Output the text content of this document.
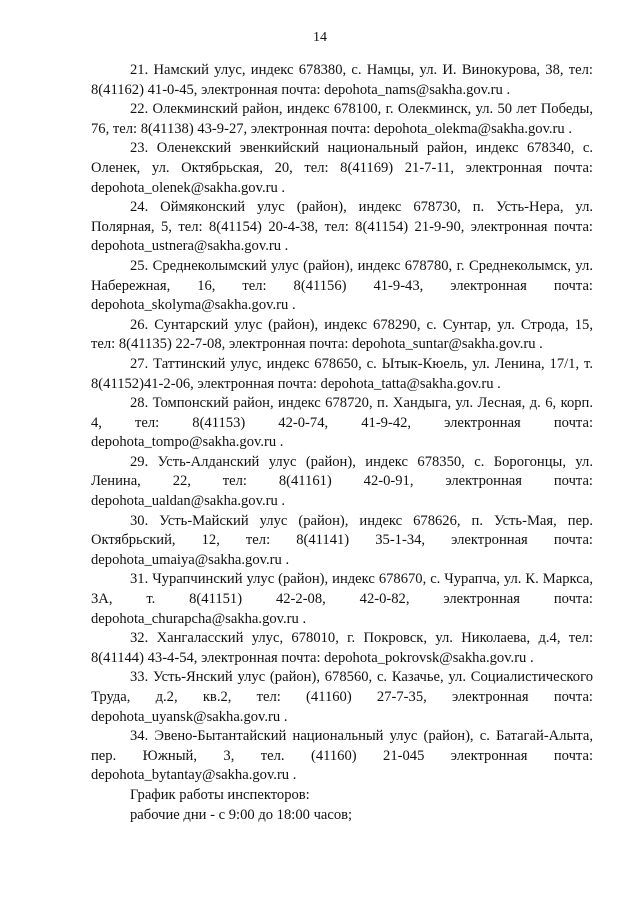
14

21. Намский улус, индекс 678380, с. Намцы, ул. И. Винокурова, 38, тел: 8(41162) 41-0-45, электронная почта: depohota_nams@sakha.gov.ru .

22. Олекминский район, индекс 678100, г. Олекминск, ул. 50 лет Победы, 76, тел: 8(41138) 43-9-27, электронная почта: depohota_olekma@sakha.gov.ru .

23. Оленекский эвенкийский национальный район, индекс 678340, с. Оленек, ул. Октябрьская, 20, тел: 8(41169) 21-7-11, электронная почта: depohota_olenek@sakha.gov.ru .

24. Оймяконский улус (район), индекс 678730, п. Усть-Нера, ул. Полярная, 5, тел: 8(41154) 20-4-38, тел: 8(41154) 21-9-90, электронная почта: depohota_ustnera@sakha.gov.ru .

25. Среднеколымский улус (район), индекс 678780, г. Среднеколымск, ул. Набережная, 16, тел: 8(41156) 41-9-43, электронная почта: depohota_skolyma@sakha.gov.ru .

26. Сунтарский улус (район), индекс 678290, с. Сунтар, ул. Строда, 15, тел: 8(41135) 22-7-08, электронная почта: depohota_suntar@sakha.gov.ru .

27. Таттинский улус, индекс 678650, с. Ытык-Кюель, ул. Ленина, 17/1, т. 8(41152)41-2-06, электронная почта: depohota_tatta@sakha.gov.ru .

28. Томпонский район, индекс 678720, п. Хандыга, ул. Лесная, д. 6, корп. 4, тел: 8(41153) 42-0-74, 41-9-42, электронная почта: depohota_tompo@sakha.gov.ru .

29. Усть-Алданский улус (район), индекс 678350, с. Борогонцы, ул. Ленина, 22, тел: 8(41161) 42-0-91, электронная почта: depohota_ualdan@sakha.gov.ru .

30. Усть-Майский улус (район), индекс 678626, п. Усть-Мая, пер. Октябрьский, 12, тел: 8(41141) 35-1-34, электронная почта: depohota_umaiya@sakha.gov.ru .

31. Чурапчинский улус (район), индекс 678670, с. Чурапча, ул. К. Маркса, 3А, т. 8(41151) 42-2-08, 42-0-82, электронная почта: depohota_churapcha@sakha.gov.ru .

32. Хангаласский улус, 678010, г. Покровск, ул. Николаева, д.4, тел: 8(41144) 43-4-54, электронная почта: depohota_pokrovsk@sakha.gov.ru .

33. Усть-Янский улус (район), 678560, с. Казачье, ул. Социалистического Труда, д.2, кв.2, тел: (41160) 27-7-35, электронная почта: depohota_uyansk@sakha.gov.ru .

34. Эвено-Бытантайский национальный улус (район), с. Батагай-Алыта, пер. Южный, 3, тел. (41160) 21-045 электронная почта: depohota_bytantay@sakha.gov.ru .

График работы инспекторов:

рабочие дни - с 9:00 до 18:00 часов;
